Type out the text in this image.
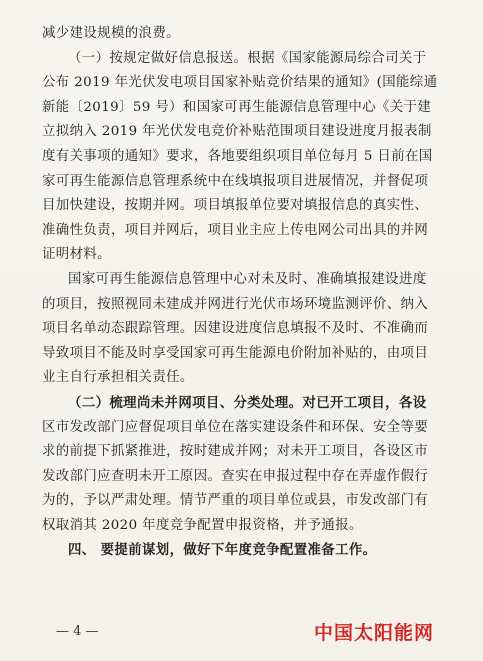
减少建设规模的浪费。
（一）按规定做好信息报送。根据《国家能源局综合司关于
公布 2019 年光伏发电项目国家补贴竞价结果的通知》(国能综通
新能〔2019〕59 号）和国家可再生能源信息管理中心《关于建
立拟纳入 2019 年光伏发电竞价补贴范围项目建设进度月报表制
度有关事项的通知》要求，各地要组织项目单位每月 5 日前在国
家可再生能源信息管理系统中在线填报项目进展情况，并督促项
目加快建设，按期并网。项目填报单位要对填报信息的真实性、
准确性负责，项目并网后，项目业主应上传电网公司出具的并网
证明材料。
国家可再生能源信息管理中心对未及时、准确填报建设进度
的项目，按照视同未建成并网进行光伏市场环境监测评价、纳入
项目名单动态跟踪管理。因建设进度信息填报不及时、不准确而
导致项目不能及时享受国家可再生能源电价附加补贴的，由项目
业主自行承担相关责任。
（二）梳理尚未并网项目、分类处理。对已开工项目，各设
区市发改部门应督促项目单位在落实建设条件和环保、安全等要
求的前提下抓紧推进，按时建成并网；对未开工项目，各设区市
发改部门应查明未开工原因。查实在申报过程中存在弄虚作假行
为的，予以严肃处理。情节严重的项目单位或县，市发改部门有
权取消其 2020 年度竞争配置申报资格，并予通报。
四、 要提前谋划，做好下年度竞争配置准备工作。
— 4 —	中国太阳能网
